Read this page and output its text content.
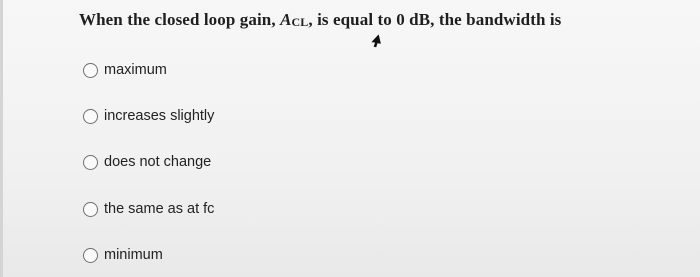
When the closed loop gain, $A_{CL}$, is equal to 0 dB, the bandwidth is
maximum
increases slightly
does not change
the same as at fc
minimum
